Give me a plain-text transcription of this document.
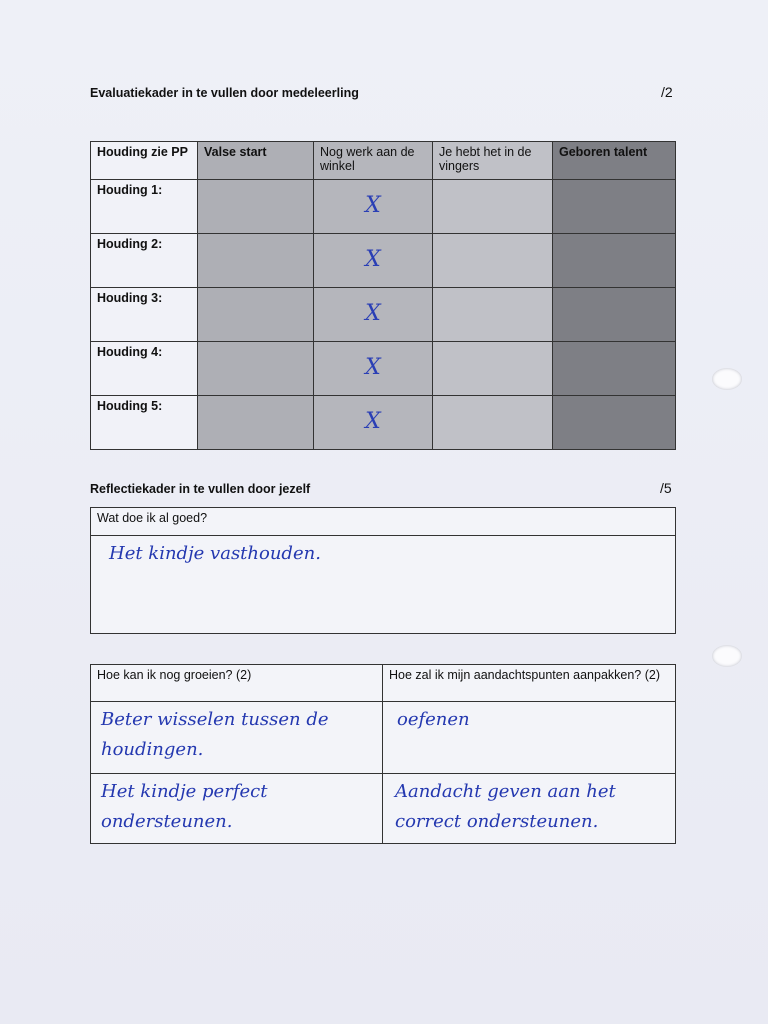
Evaluatiekader in te vullen door medeleerling	/2
Houding zie PP	Valse start	Nog werk aan de winkel	Je hebt het in de vingers	Geboren talent
Houding 1:		X		

Houding 2:		X		

Houding 3:		X		

Houding 4:		X		

Houding 5:		X		

Reflectiekader in te vullen door jezelf	/5
Wat doe ik al goed?
Het kindje vasthouden.
Hoe kan ik nog groeien? (2)	Hoe zal ik mijn aandachtspunten aanpakken? (2)
Beter wisselen tussen de houdingen.	oefenen
Het kindje perfect ondersteunen.	Aandacht geven aan het correct ondersteunen.
